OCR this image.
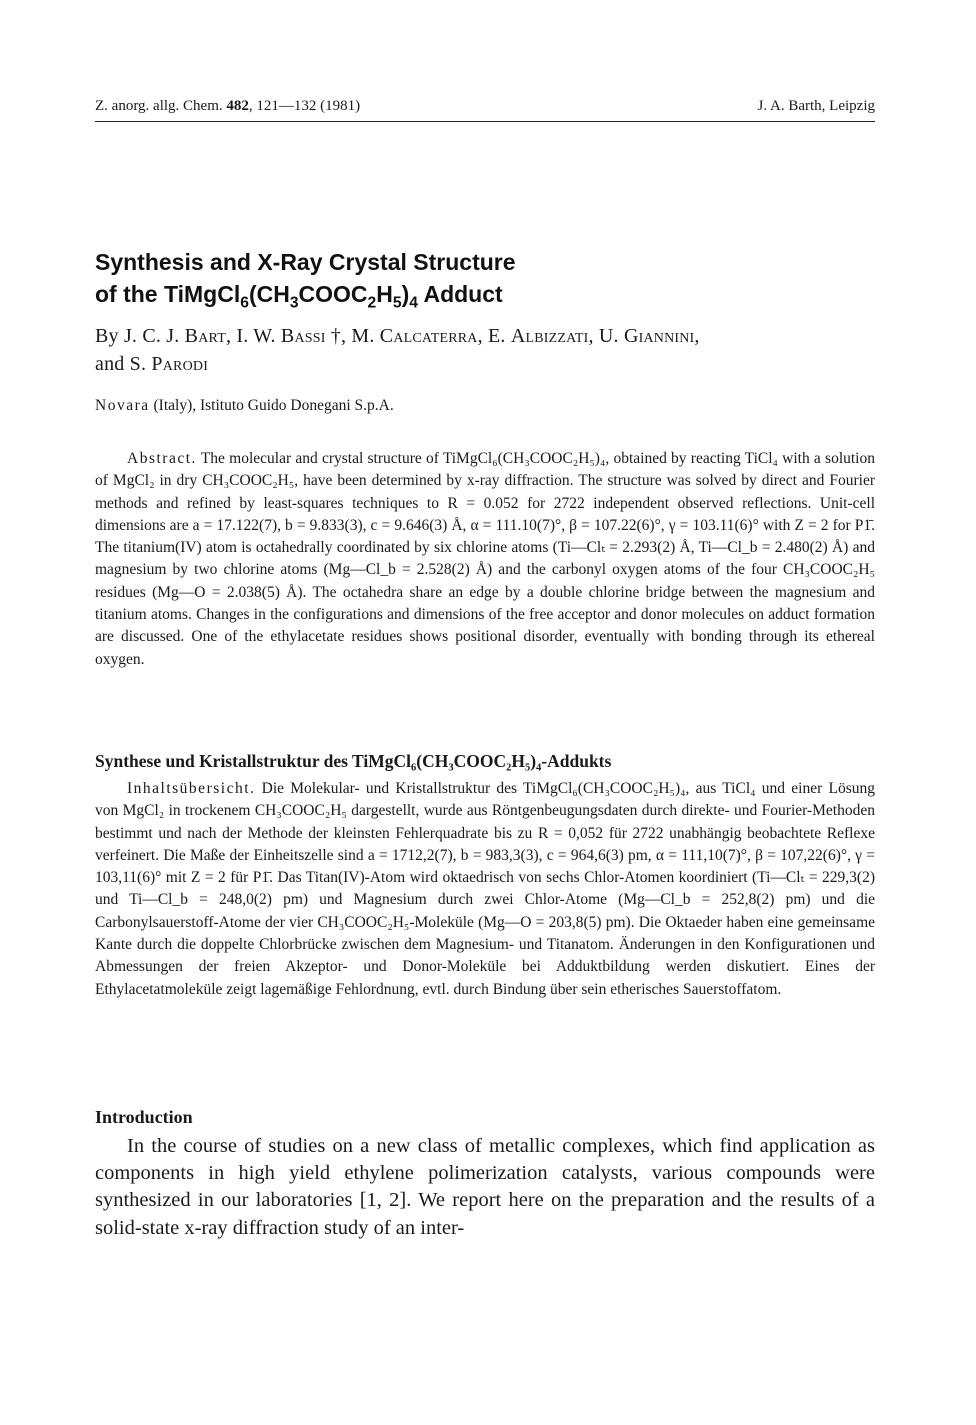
Z. anorg. allg. Chem. 482, 121—132 (1981)	J. A. Barth, Leipzig
Synthesis and X-Ray Crystal Structure
of the $TiMgCl_6(CH_3COOC_2H_5)_4$ Adduct
By J. C. J. Bart, I. W. Bassi †, M. Calcaterra, E. Albizzati, U. Giannini,
and S. Parodi
Novara (Italy), Istituto Guido Donegani S.p.A.

Abstract. The molecular and crystal structure of TiMgCl₆(CH₃COOC₂H₅)₄, obtained by reacting TiCl₄ with a solution of MgCl₂ in dry CH₃COOC₂H₅, have been determined by x-ray diffraction. The structure was solved by direct and Fourier methods and refined by least-squares techniques to R = 0.052 for 2722 independent observed reflections. Unit-cell dimensions are a = 17.122(7), b = 9.833(3), c = 9.646(3) Å, α = 111.10(7)°, β = 107.22(6)°, γ = 103.11(6)° with Z = 2 for P1̄. The titanium(IV) atom is octahedrally coordinated by six chlorine atoms (Ti—Clₜ = 2.293(2) Å, Ti—Cl_b = 2.480(2) Å) and magnesium by two chlorine atoms (Mg—Cl_b = 2.528(2) Å) and the carbonyl oxygen atoms of the four CH₃COOC₂H₅ residues (Mg—O = 2.038(5) Å). The octahedra share an edge by a double chlorine bridge between the magnesium and titanium atoms. Changes in the configurations and dimensions of the free acceptor and donor molecules on adduct formation are discussed. One of the ethylacetate residues shows positional disorder, eventually with bonding through its ethereal oxygen.

Synthese und Kristallstruktur des TiMgCl₆(CH₃COOC₂H₅)₄-Addukts

Inhaltsübersicht. Die Molekular- und Kristallstruktur des TiMgCl₆(CH₃COOC₂H₅)₄, aus TiCl₄ und einer Lösung von MgCl₂ in trockenem CH₃COOC₂H₅ dargestellt, wurde aus Röntgenbeugungsdaten durch direkte- und Fourier-Methoden bestimmt und nach der Methode der kleinsten Fehlerquadrate bis zu R = 0,052 für 2722 unabhängig beobachtete Reflexe verfeinert. Die Maße der Einheitszelle sind a = 1712,2(7), b = 983,3(3), c = 964,6(3) pm, α = 111,10(7)°, β = 107,22(6)°, γ = 103,11(6)° mit Z = 2 für P1̄. Das Titan(IV)-Atom wird oktaedrisch von sechs Chlor-Atomen koordiniert (Ti—Clₜ = 229,3(2) und Ti—Cl_b = 248,0(2) pm) und Magnesium durch zwei Chlor-Atome (Mg—Cl_b = 252,8(2) pm) und die Carbonylsauerstoff-Atome der vier CH₃COOC₂H₅-Moleküle (Mg—O = 203,8(5) pm). Die Oktaeder haben eine gemeinsame Kante durch die doppelte Chlorbrücke zwischen dem Magnesium- und Titanatom. Änderungen in den Konfigurationen und Abmessungen der freien Akzeptor- und Donor-Moleküle bei Adduktbildung werden diskutiert. Eines der Ethylacetatmoleküle zeigt lagemäßige Fehlordnung, evtl. durch Bindung über sein etherisches Sauerstoffatom.

Introduction

In the course of studies on a new class of metallic complexes, which find application as components in high yield ethylene polimerization catalysts, various compounds were synthesized in our laboratories [1, 2]. We report here on the preparation and the results of a solid-state x-ray diffraction study of an inter-
